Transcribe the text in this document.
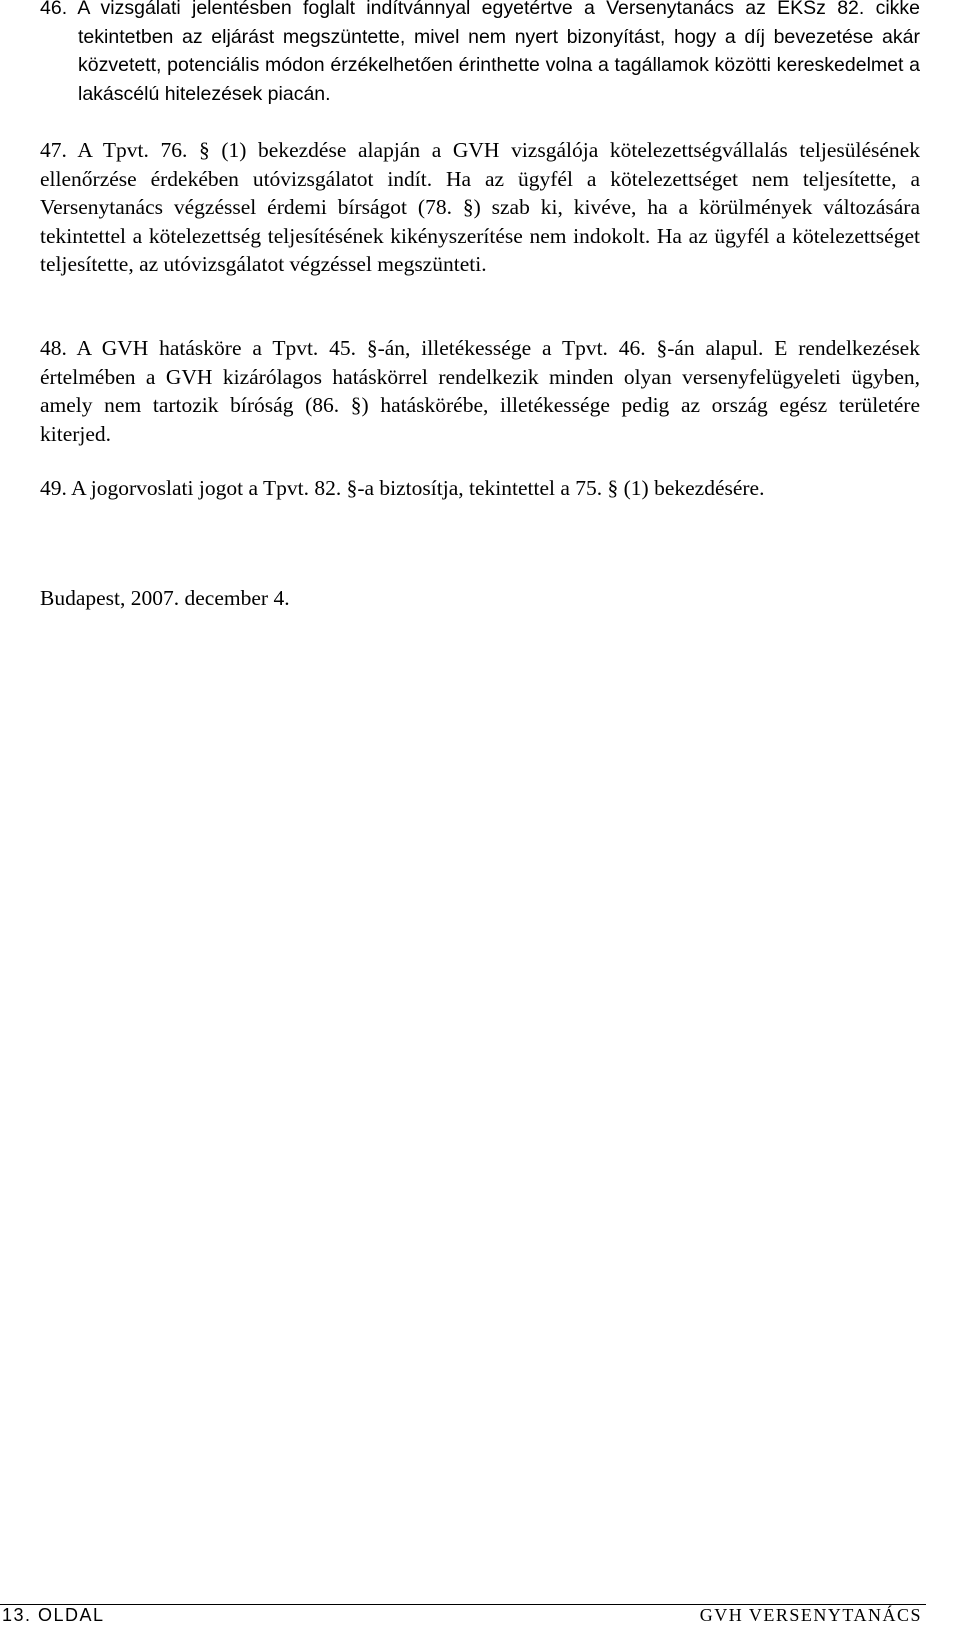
46. A vizsgálati jelentésben foglalt indítvánnyal egyetértve a Versenytanács az EKSz 82. cikke tekintetben az eljárást megszüntette, mivel nem nyert bizonyítást, hogy a díj bevezetése akár közvetett, potenciális módon érzékelhetően érinthette volna a tagállamok közötti kereskedelmet a lakáscélú hitelezések piacán.

47. A Tpvt. 76. § (1) bekezdése alapján a GVH vizsgálója kötelezettségvállalás teljesülésének ellenőrzése érdekében utóvizsgálatot indít. Ha az ügyfél a kötelezettséget nem teljesítette, a Versenytanács végzéssel érdemi bírságot (78. §) szab ki, kivéve, ha a körülmények változására tekintettel a kötelezettség teljesítésének kikényszerítése nem indokolt. Ha az ügyfél a kötelezettséget teljesítette, az utóvizsgálatot végzéssel megszünteti.

48. A GVH hatásköre a Tpvt. 45. §-án, illetékessége a Tpvt. 46. §-án alapul. E rendelkezések értelmében a GVH kizárólagos hatáskörrel rendelkezik minden olyan versenyfelügyeleti ügyben, amely nem tartozik bíróság (86. §) hatáskörébe, illetékessége pedig az ország egész területére kiterjed.

49. A jogorvoslati jogot a Tpvt. 82. §-a biztosítja, tekintettel a 75. § (1) bekezdésére.

Budapest, 2007. december 4.

13. OLDAL	GVH VERSENYTANÁCS
